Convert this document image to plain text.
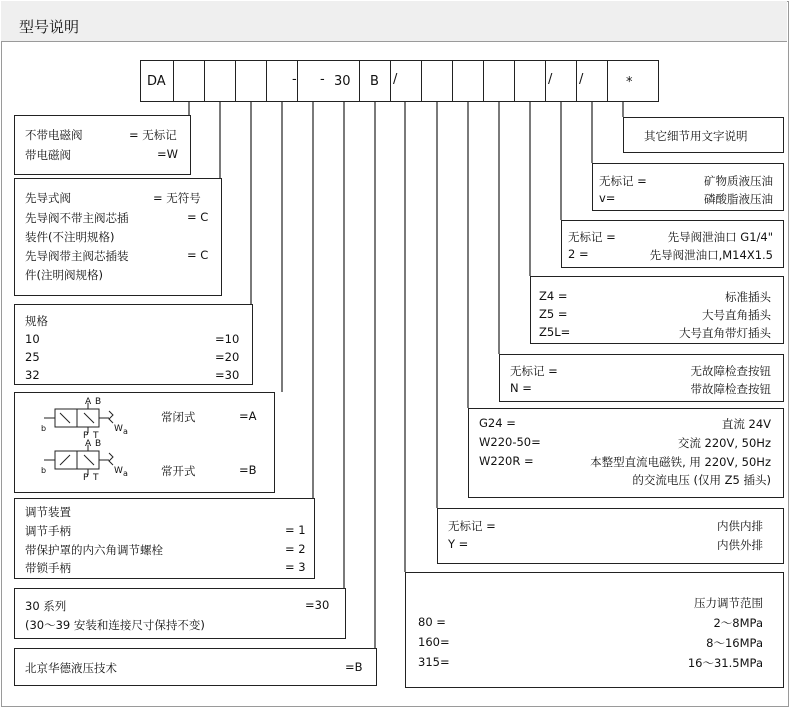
型号说明
DA	- - 30 B /	/ /	*
不带电磁阀	= 无标记
带电磁阀	=W
先导式阀	= 无符号
先导阀不带主阀芯插	= C
装件(不注明规格)
先导阀带主阀芯插装	= C
件(注明阀规格)
规格
10	=10
25	=20
32	=30
b
A B
P T
W a
b
A B
P T
W a
常闭式	=A
常开式	=B
调节装置
调节手柄	= 1
带保护罩的内六角调节螺栓	= 2
带锁手柄	= 3
30 系列	=30
(30～39 安装和连接尺寸保持不变)
北京华德液压技术	=B
其它细节用文字说明
无标记 =	矿物质液压油
v=	磷酸脂液压油
无标记 =	先导阀泄油口 G1/4"
2 =	先导阀泄油口,M14X1.5
Z4 =	标准插头
Z5 =	大号直角插头
Z5L=	大号直角带灯插头
无标记 =	无故障检查按钮
N =	带故障检查按钮
G24 =	直流 24V
W220-50=	交流 220V, 50Hz
W220R =	本整型直流电磁铁, 用 220V, 50Hz
的交流电压 (仅用 Z5 插头)
无标记 =	内供内排
Y =	内供外排
压力调节范围
80 =	2～8MPa
160=	8～16MPa
315=	16～31.5MPa
